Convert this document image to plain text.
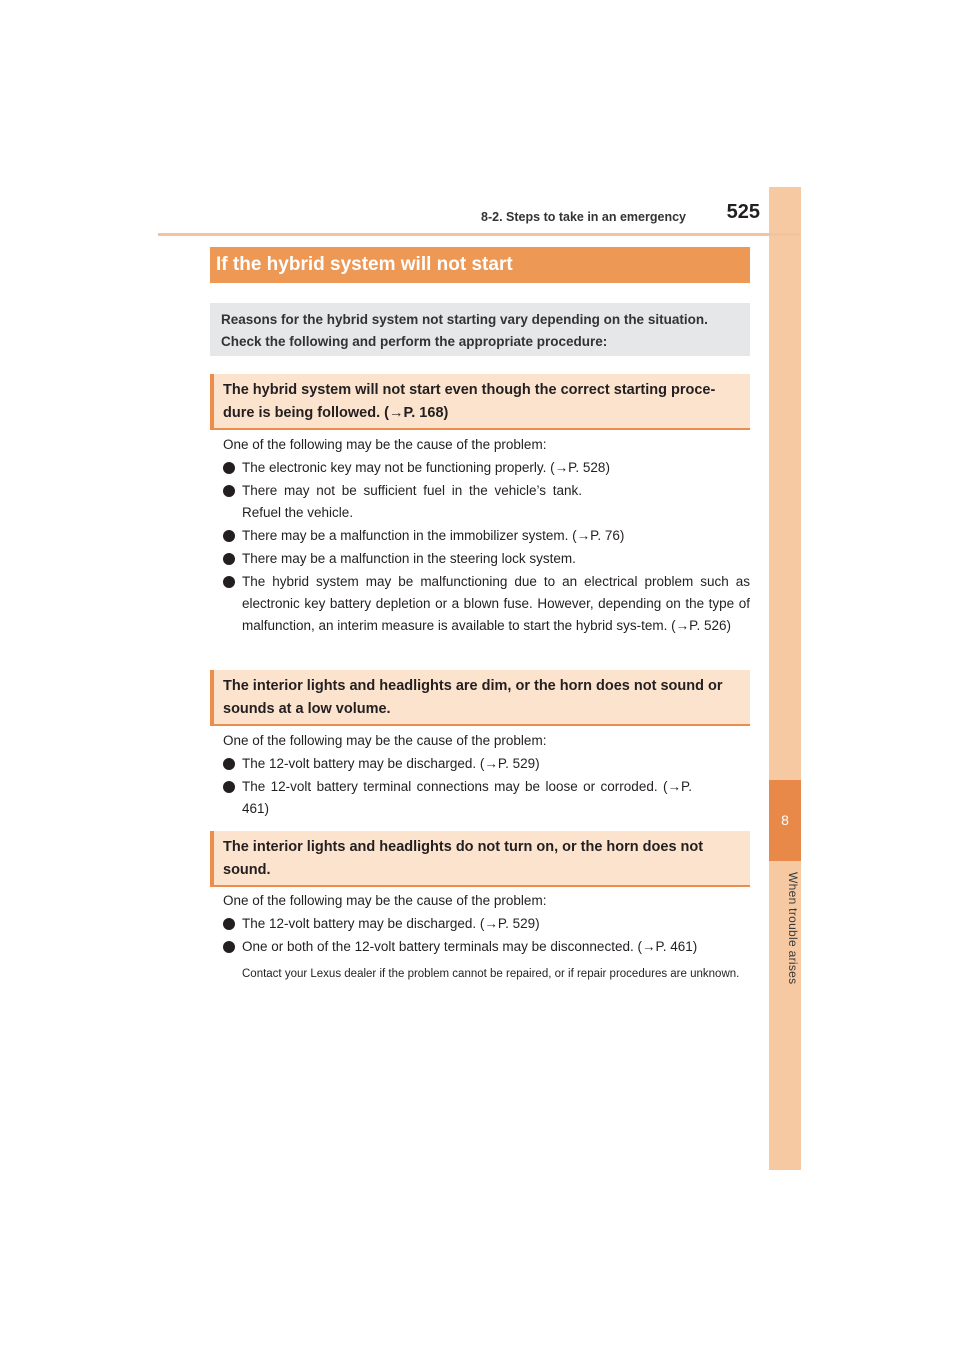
8
When trouble arises
8-2. Steps to take in an emergency	525
If the hybrid system will not start
Reasons for the hybrid system not starting vary depending on the situation. Check the following and perform the appropriate procedure:
The hybrid system will not start even though the correct starting proce-dure is being followed. (→P. 168)

One of the following may be the cause of the problem:

The electronic key may not be functioning properly. (→P. 528)
There may not be sufficient fuel in the vehicle’s tank. Refuel the vehicle.
There may be a malfunction in the immobilizer system. (→P. 76)
There may be a malfunction in the steering lock system.
The hybrid system may be malfunctioning due to an electrical problem such as electronic key battery depletion or a blown fuse. However, depending on the type of malfunction, an interim measure is available to start the hybrid sys-tem. (→P. 526)
The interior lights and headlights are dim, or the horn does not sound or sounds at a low volume.

One of the following may be the cause of the problem:

The 12-volt battery may be discharged. (→P. 529)
The 12-volt battery terminal connections may be loose or corroded. (→P. 461)
The interior lights and headlights do not turn on, or the horn does not sound.

One of the following may be the cause of the problem:

The 12-volt battery may be discharged. (→P. 529)
One or both of the 12-volt battery terminals may be disconnected. (→P. 461)
Contact your Lexus dealer if the problem cannot be repaired, or if repair procedures are unknown.
